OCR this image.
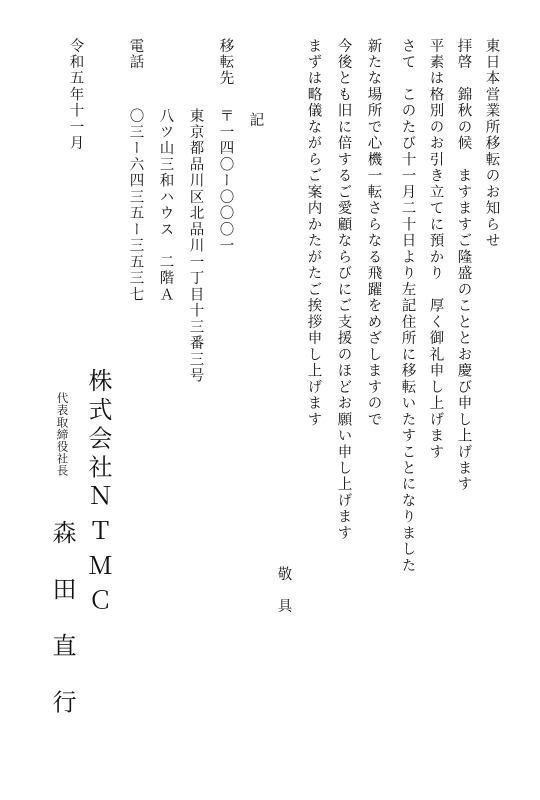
東日本営業所移転のお知らせ
拝啓　錦秋の候　ますますご隆盛のこととお慶び申し上げます
平素は格別のお引き立てに預かり　厚く御礼申し上げます
さて　このたび十一月二十日より左記住所に移転いたすことになりました
新たな場所で心機一転さらなる飛躍をめざしますので
今後とも旧に倍するご愛顧ならびにご支援のほどお願い申し上げます
まずは略儀ながらご案内かたがたご挨拶申し上げます
敬　具
記
移転先
〒一四〇ー〇〇〇一
東京都品川区北品川一丁目十三番三号
八ツ山三和ハウス　二階Ａ
電話
〇三ー六四三五ー三五三七
令和五年十一月
株式会社ＮＴＭＣ
代表取締役社長
森田直行
